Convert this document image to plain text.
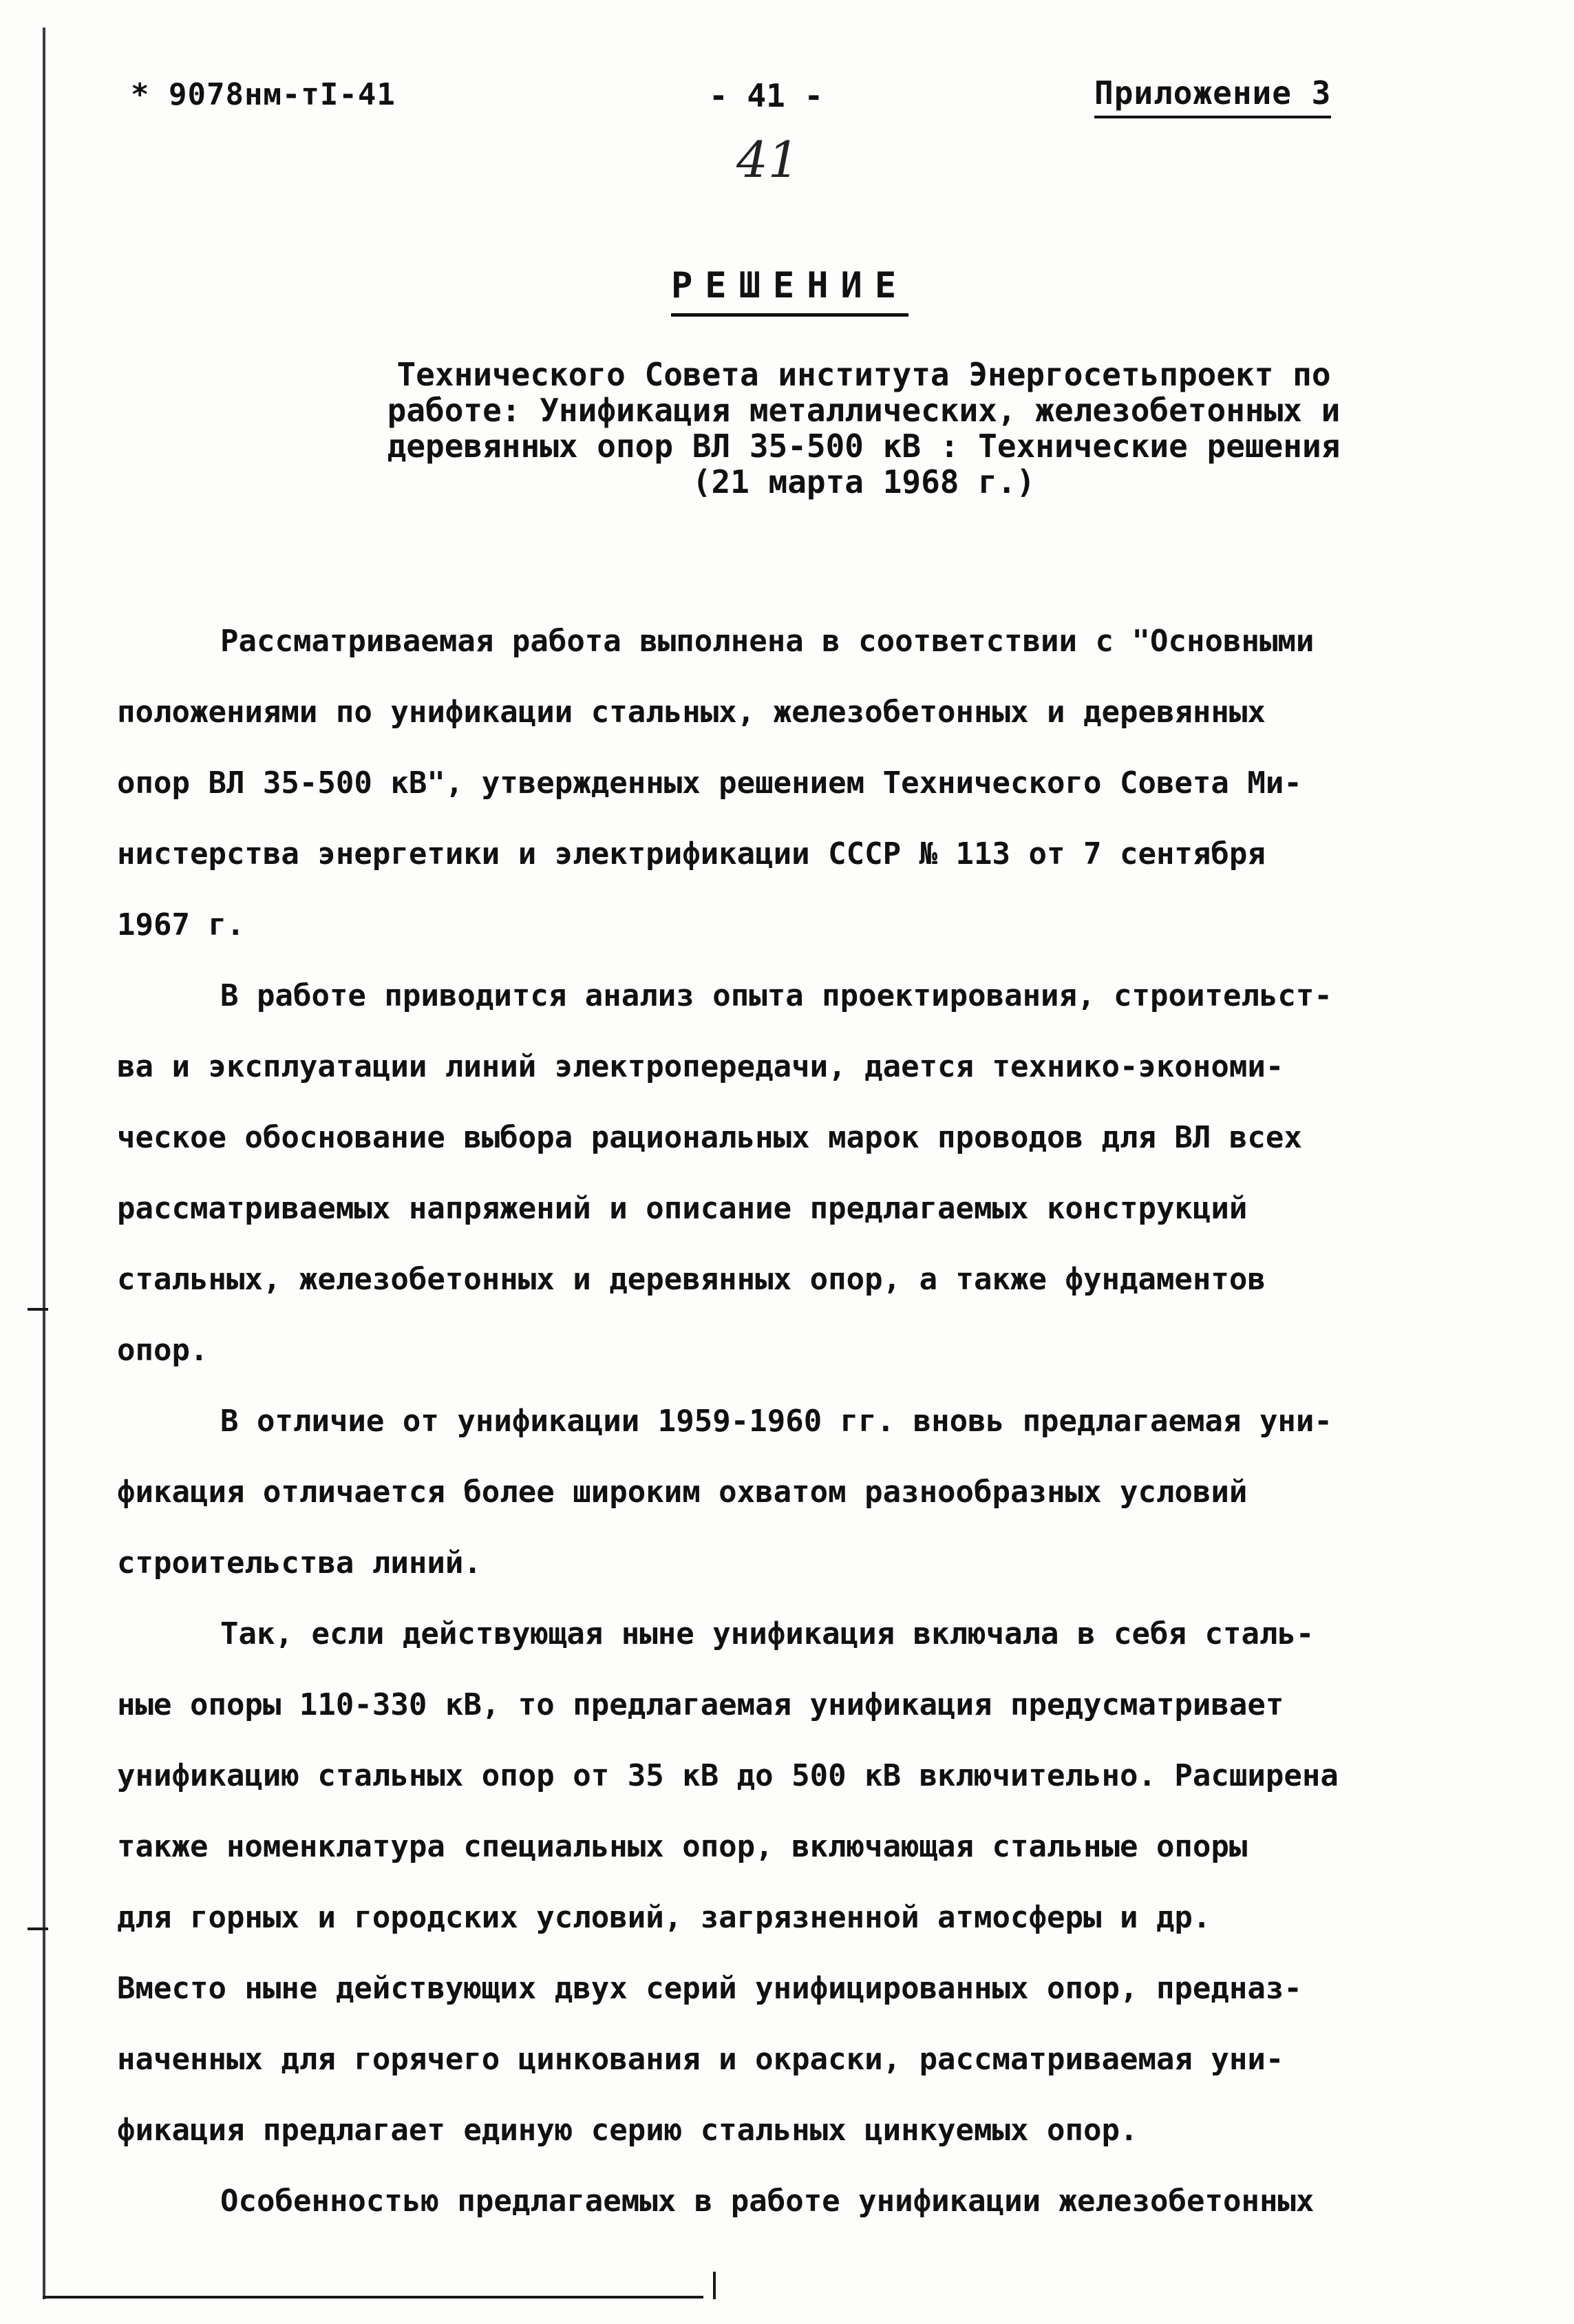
* 9078нм-тI-41	- 41 -	Приложение 3
41
РЕШЕНИЕ
Технического Совета института Энергосетьпроект по
работе: Унификация металлических, железобетонных и
деревянных опор ВЛ 35-500 кВ : Технические решения
(21 марта 1968 г.)
Рассматриваемая работа выполнена в соответствии с "Основными
положениями по унификации стальных, железобетонных и деревянных
опор ВЛ 35-500 кВ", утвержденных решением Технического Совета Ми-
нистерства энергетики и электрификации СССР № 113 от 7 сентября
1967 г.
В работе приводится анализ опыта проектирования, строительст-
ва и эксплуатации линий электропередачи, дается технико-экономи-
ческое обоснование выбора рациональных марок проводов для ВЛ всех
рассматриваемых напряжений и описание предлагаемых конструкций
стальных, железобетонных и деревянных опор, а также фундаментов
опор.
В отличие от унификации 1959-1960 гг. вновь предлагаемая уни-
фикация отличается более широким охватом разнообразных условий
строительства линий.
Так, если действующая ныне унификация включала в себя сталь-
ные опоры 110-330 кВ, то предлагаемая унификация предусматривает
унификацию стальных опор от 35 кВ до 500 кВ включительно. Расширена
также номенклатура специальных опор, включающая стальные опоры
для горных и городских условий, загрязненной атмосферы и др.
Вместо ныне действующих двух серий унифицированных опор, предназ-
наченных для горячего цинкования и окраски, рассматриваемая уни-
фикация предлагает единую серию стальных цинкуемых опор.
Особенностью предлагаемых в работе унификации железобетонных
